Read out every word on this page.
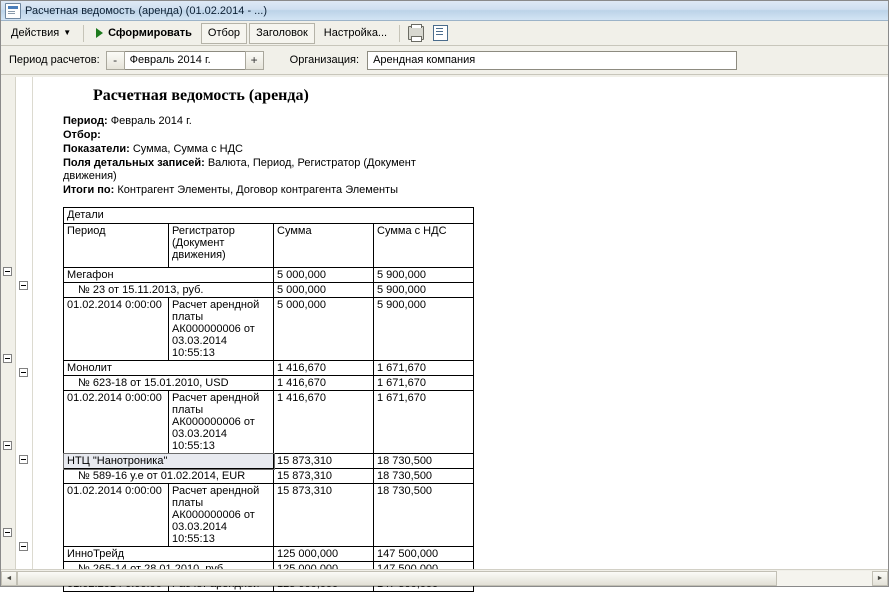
Расчетная ведомость (аренда) (01.02.2014 - ...)
Действия ▼	Сформировать Отбор Заголовок Настройка...
Период расчетов:	-	Февраль 2014 г.	+	Организация: Арендная компания
Расчетная ведомость (аренда)
Период: Февраль 2014 г.
Отбор:
Показатели: Сумма, Сумма с НДС
Поля детальных записей: Валюта, Период, Регистратор (Документ движения)
Итоги по: Контрагент Элементы, Договор контрагента Элементы
Детали			
Период	Регистратор (Документ движения)	Сумма	Сумма с НДС
Мегафон		5 000,000	5 900,000
№ 23 от 15.11.2013, руб.		5 000,000	5 900,000
01.02.2014 0:00:00	Расчет арендной платы АК000000006 от 03.03.2014 10:55:13	5 000,000	5 900,000
Монолит		1 416,670	1 671,670
№ 623-18 от 15.01.2010, USD		1 416,670	1 671,670
01.02.2014 0:00:00	Расчет арендной платы АК000000006 от 03.03.2014 10:55:13	1 416,670	1 671,670
НТЦ "Нанотроника"		15 873,310	18 730,500
№ 589-16 у.е от 01.02.2014, EUR		15 873,310	18 730,500
01.02.2014 0:00:00	Расчет арендной платы АК000000006 от 03.03.2014 10:55:13	15 873,310	18 730,500
ИнноТрейд		125 000,000	147 500,000

◄	►
